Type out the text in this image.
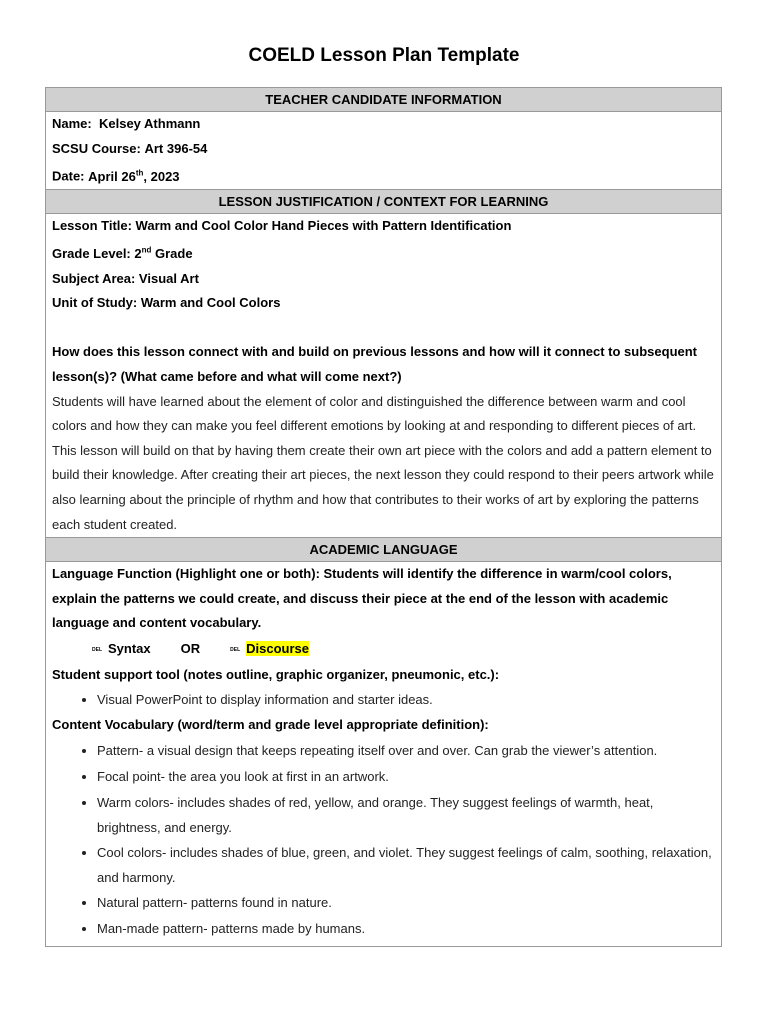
COELD Lesson Plan Template
TEACHER CANDIDATE INFORMATION

Name: Kelsey Athmann
SCSU Course: Art 396-54
Date: April 26th, 2023

LESSON JUSTIFICATION / CONTEXT FOR LEARNING

Lesson Title: Warm and Cool Color Hand Pieces with Pattern Identification
Grade Level: 2nd Grade
Subject Area: Visual Art
Unit of Study: Warm and Cool Colors

How does this lesson connect with and build on previous lessons and how will it connect to subsequent lesson(s)? (What came before and what will come next?)
Students will have learned about the element of color and distinguished the difference between warm and cool colors and how they can make you feel different emotions by looking at and responding to different pieces of art. This lesson will build on that by having them create their own art piece with the colors and add a pattern element to build their knowledge. After creating their art pieces, the next lesson they could respond to their peers artwork while also learning about the principle of rhythm and how that contributes to their works of art by exploring the patterns each student created.

ACADEMIC LANGUAGE

Language Function (Highlight one or both): Students will identify the difference in warm/cool colors, explain the patterns we could create, and discuss their piece at the end of the lesson with academic language and content vocabulary.
DEL Syntax OR	DEL Discourse
Student support tool (notes outline, graphic organizer, pneumonic, etc.):
• Visual PowerPoint to display information and starter ideas.
Content Vocabulary (word/term and grade level appropriate definition):
• Pattern- a visual design that keeps repeating itself over and over. Can grab the viewer’s attention.
• Focal point- the area you look at first in an artwork.
• Warm colors- includes shades of red, yellow, and orange. They suggest feelings of warmth, heat, brightness, and energy.
• Cool colors- includes shades of blue, green, and violet. They suggest feelings of calm, soothing, relaxation, and harmony.
• Natural pattern- patterns found in nature.
• Man-made pattern- patterns made by humans.
